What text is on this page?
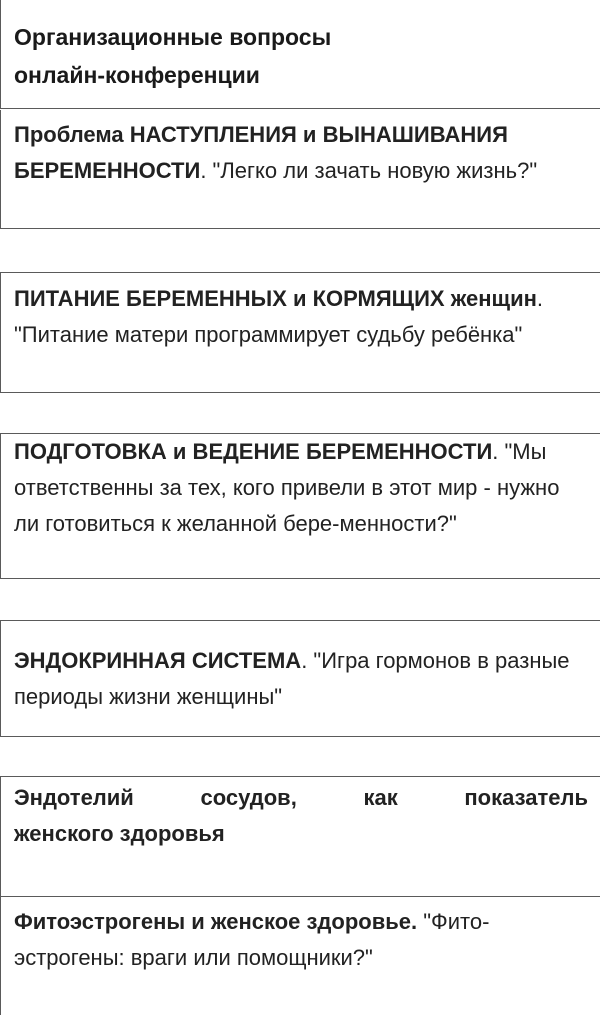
Организационные вопросы
онлайн-конференции
Проблема НАСТУПЛЕНИЯ и ВЫНАШИВАНИЯ БЕРЕМЕННОСТИ. "Легко ли зачать новую жизнь?"
ПИТАНИЕ БЕРЕМЕННЫХ и КОРМЯЩИХ женщин. "Питание матери программирует судьбу ребёнка"
ПОДГОТОВКА и ВЕДЕНИЕ БЕРЕМЕННОСТИ. "Мы ответственны за тех, кого привели в этот мир - нужно ли готовиться к желанной бере-менности?"
ЭНДОКРИННАЯ СИСТЕМА. "Игра гормонов в разные периоды жизни женщины"
Эндотелий сосудов, как показатель
женского здоровья
Фитоэстрогены и женское здоровье. "Фито-эстрогены: враги или помощники?"
